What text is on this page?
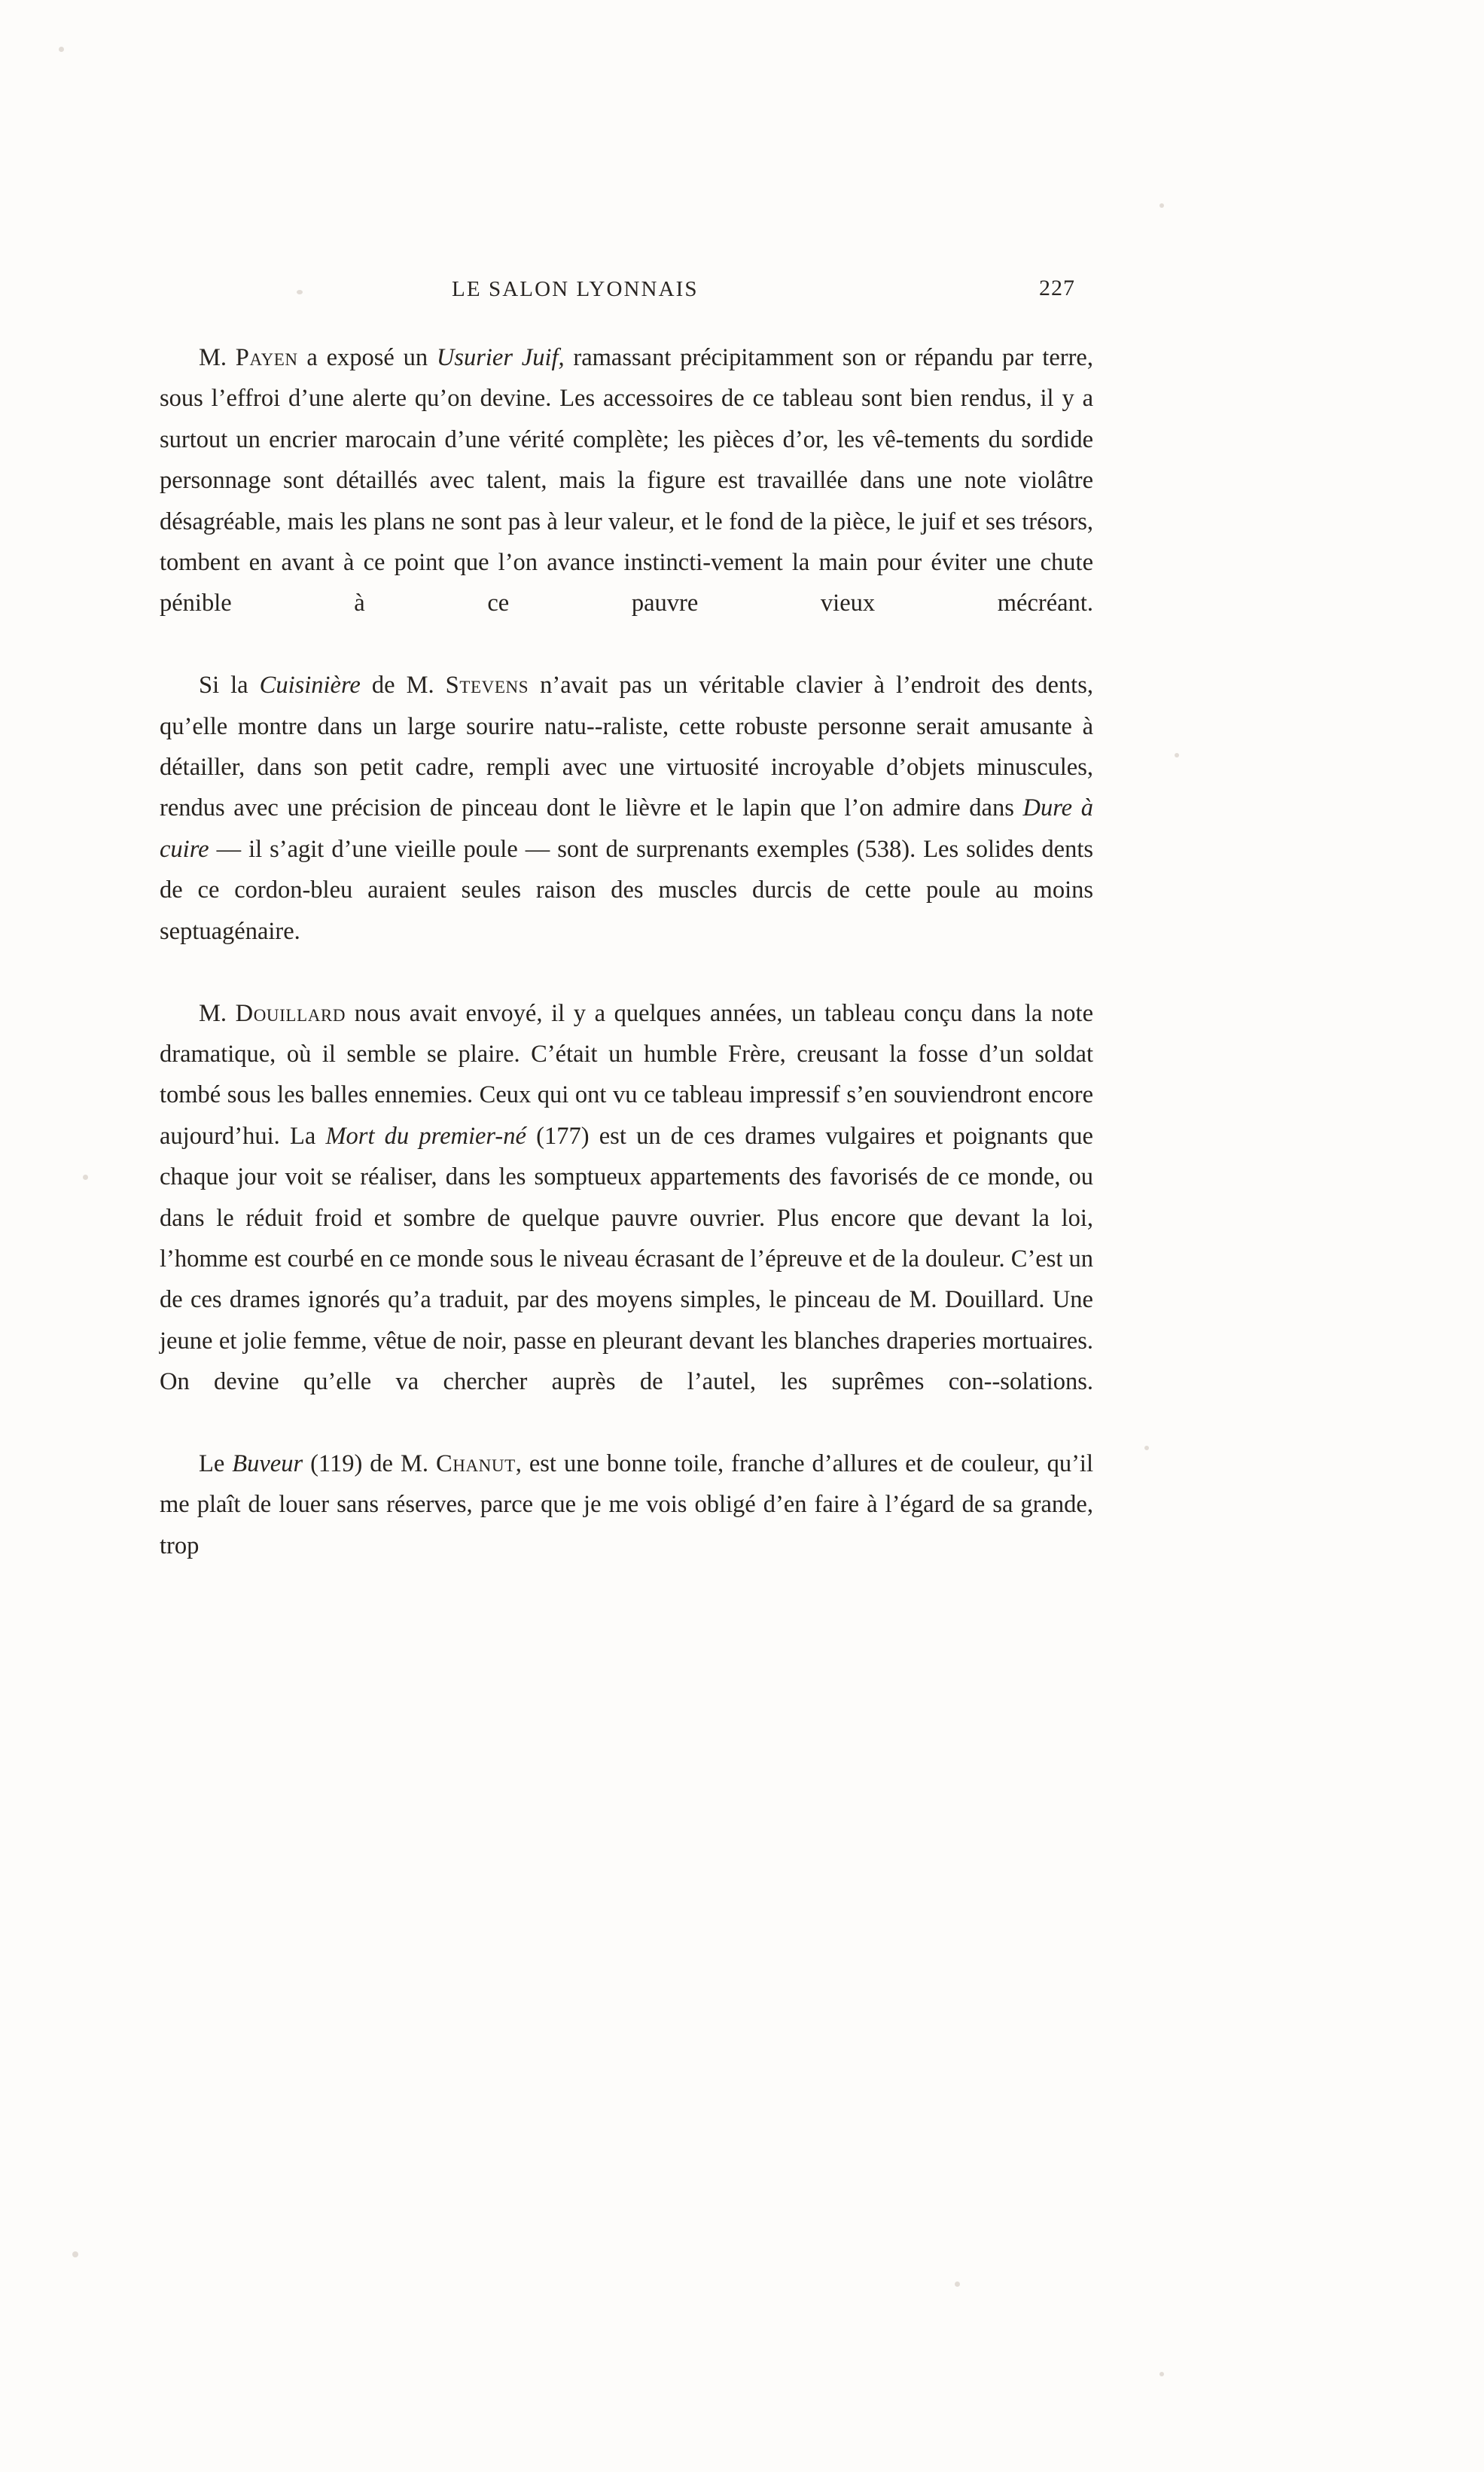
LE SALON LYONNAIS	227

M. Payen a exposé un Usurier Juif, ramassant précipitamment son or répandu par terre, sous l’effroi d’une alerte qu’on devine. Les accessoires de ce tableau sont bien rendus, il y a surtout un encrier marocain d’une vérité complète; les pièces d’or, les vê-tements du sordide personnage sont détaillés avec talent, mais la figure est travaillée dans une note violâtre désagréable, mais les plans ne sont pas à leur valeur, et le fond de la pièce, le juif et ses trésors, tombent en avant à ce point que l’on avance instincti-vement la main pour éviter une chute pénible à ce pauvre vieux mécréant.

Si la Cuisinière de M. Stevens n’avait pas un véritable clavier à l’endroit des dents, qu’elle montre dans un large sourire natu--raliste, cette robuste personne serait amusante à détailler, dans son petit cadre, rempli avec une virtuosité incroyable d’objets minuscules, rendus avec une précision de pinceau dont le lièvre et le lapin que l’on admire dans Dure à cuire — il s’agit d’une vieille poule — sont de surprenants exemples (538). Les solides dents de ce cordon-bleu auraient seules raison des muscles durcis de cette poule au moins septuagénaire.

M. Douillard nous avait envoyé, il y a quelques années, un tableau conçu dans la note dramatique, où il semble se plaire. C’était un humble Frère, creusant la fosse d’un soldat tombé sous les balles ennemies. Ceux qui ont vu ce tableau impressif s’en souviendront encore aujourd’hui. La Mort du premier-né (177) est un de ces drames vulgaires et poignants que chaque jour voit se réaliser, dans les somptueux appartements des favorisés de ce monde, ou dans le réduit froid et sombre de quelque pauvre ouvrier. Plus encore que devant la loi, l’homme est courbé en ce monde sous le niveau écrasant de l’épreuve et de la douleur. C’est un de ces drames ignorés qu’a traduit, par des moyens simples, le pinceau de M. Douillard. Une jeune et jolie femme, vêtue de noir, passe en pleurant devant les blanches draperies mortuaires. On devine qu’elle va chercher auprès de l’autel, les suprêmes con--solations.

Le Buveur (119) de M. Chanut, est une bonne toile, franche d’allures et de couleur, qu’il me plaît de louer sans réserves, parce que je me vois obligé d’en faire à l’égard de sa grande, trop
